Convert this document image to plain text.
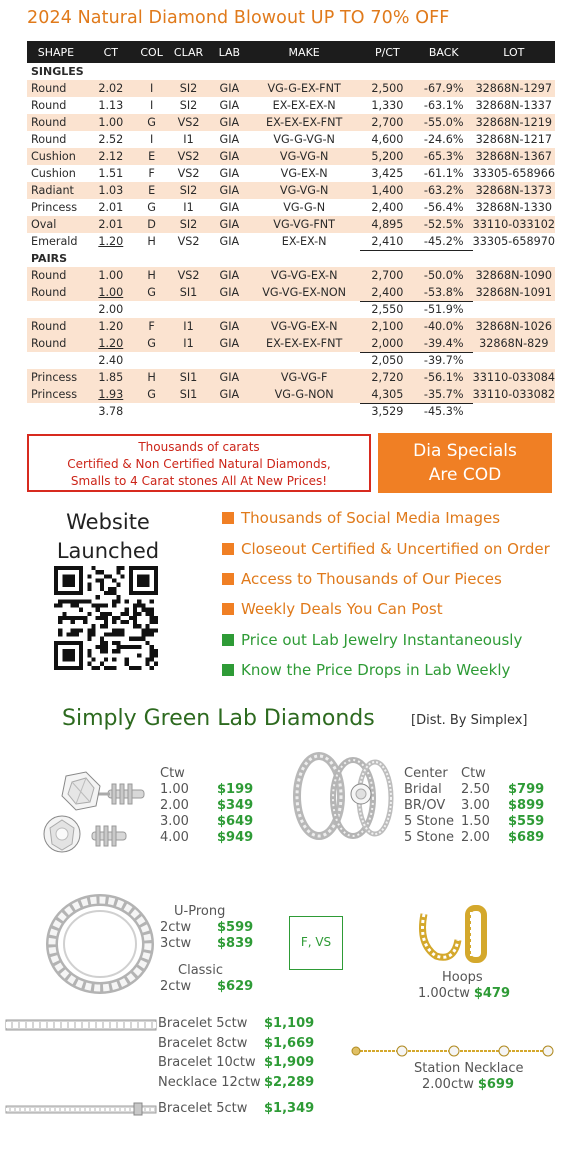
2024 Natural Diamond Blowout UP TO 70% OFF
SHAPE	CT	COL	CLAR	LAB	MAKE	P/CT	BACK	LOT
SINGLES								
Round	2.02	I	SI2	GIA	VG-G-EX-FNT	2,500	-67.9%	32868N-1297
Round	1.13	I	SI2	GIA	EX-EX-EX-N	1,330	-63.1%	32868N-1337
Round	1.00	G	VS2	GIA	EX-EX-EX-FNT	2,700	-55.0%	32868N-1219
Round	2.52	I	I1	GIA	VG-G-VG-N	4,600	-24.6%	32868N-1217
Cushion	2.12	E	VS2	GIA	VG-VG-N	5,200	-65.3%	32868N-1367
Cushion	1.51	F	VS2	GIA	VG-EX-N	3,425	-61.1%	33305-658966
Radiant	1.03	E	SI2	GIA	VG-VG-N	1,400	-63.2%	32868N-1373
Princess	2.01	G	I1	GIA	VG-G-N	2,400	-56.4%	32868N-1330
Oval	2.01	D	SI2	GIA	VG-VG-FNT	4,895	-52.5%	33110-033102
Emerald	1.20	H	VS2	GIA	EX-EX-N	2,410	-45.2%	33305-658970
PAIRS								
Round	1.00	H	VS2	GIA	VG-VG-EX-N	2,700	-50.0%	32868N-1090
Round	1.00	G	SI1	GIA	VG-VG-EX-NON	2,400	-53.8%	32868N-1091
	2.00					2,550	-51.9%	
Round	1.20	F	I1	GIA	VG-VG-EX-N	2,100	-40.0%	32868N-1026
Round	1.20	G	I1	GIA	EX-EX-EX-FNT	2,000	-39.4%	32868N-829
	2.40					2,050	-39.7%	
Princess	1.85	H	SI1	GIA	VG-VG-F	2,720	-56.1%	33110-033084
Princess	1.93	G	SI1	GIA	VG-G-NON	4,305	-35.7%	33110-033082
	3.78					3,529	-45.3%	
Thousands of carats
Certified & Non Certified Natural Diamonds,
Smalls to 4 Carat stones All At New Prices!
Dia Specials
Are COD
Website
Launched
Thousands of Social Media Images
Closeout Certified & Uncertified on Order
Access to Thousands of Our Pieces
Weekly Deals You Can Post
Price out Lab Jewelry Instantaneously
Know the Price Drops in Lab Weekly
Simply Green Lab Diamonds	[Dist. By Simplex]
Ctw
1.00	$199
2.00	$349
3.00	$649
4.00	$949
Center Ctw
Bridal	2.50	$799
BR/OV	3.00	$899
5 Stone 1.50	$559
5 Stone 2.00	$689
U-Prong
2ctw	$599
3ctw	$839
Classic
2ctw	$629
F, VS
Hoops
1.00ctw $479
Bracelet 5ctw	$1,109
Bracelet 8ctw	$1,669
Bracelet 10ctw $1,909
Necklace 12ctw $2,289
Station Necklace
2.00ctw $699
Bracelet 5ctw	$1,349
